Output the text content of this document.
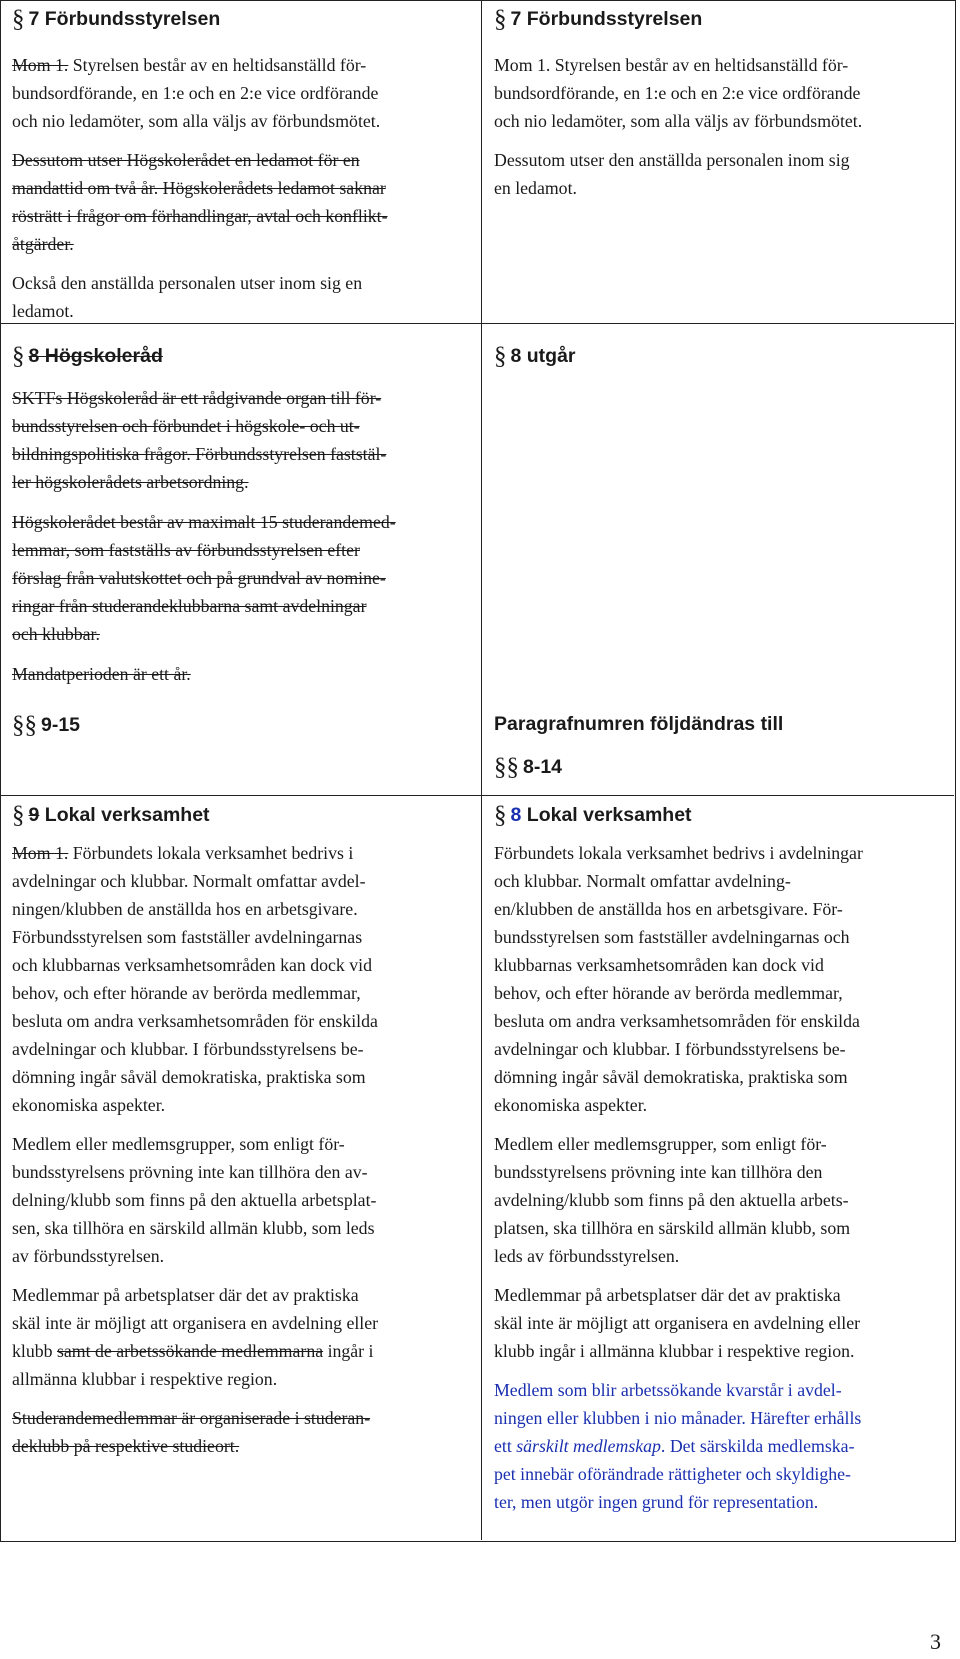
§ 7 Förbundsstyrelsen

Mom 1. Styrelsen består av en heltidsanställd för-
bundsordförande, en 1:e och en 2:e vice ordförande
och nio ledamöter, som alla väljs av förbundsmötet.

Dessutom utser Högskolerådet en ledamot för en
mandattid om två år. Högskolerådets ledamot saknar
rösträtt i frågor om förhandlingar, avtal och konflikt-
åtgärder.

Också den anställda personalen utser inom sig en
ledamot.

§ 8 Högskoleråd

SKTFs Högskoleråd är ett rådgivande organ till för-
bundsstyrelsen och förbundet i högskole- och ut-
bildningspolitiska frågor. Förbundsstyrelsen faststäl-
ler högskolerådets arbetsordning.

Högskolerådet består av maximalt 15 studerandemed-
lemmar, som fastställs av förbundsstyrelsen efter
förslag från valutskottet och på grundval av nomine-
ringar från studerandeklubbarna samt avdelningar
och klubbar.

Mandatperioden är ett år.

§§ 9-15
§ 9 Lokal verksamhet

Mom 1. Förbundets lokala verksamhet bedrivs i
avdelningar och klubbar. Normalt omfattar avdel-
ningen/klubben de anställda hos en arbetsgivare.
Förbundsstyrelsen som fastställer avdelningarnas
och klubbarnas verksamhetsområden kan dock vid
behov, och efter hörande av berörda medlemmar,
besluta om andra verksamhetsområden för enskilda
avdelningar och klubbar. I förbundsstyrelsens be-
dömning ingår såväl demokratiska, praktiska som
ekonomiska aspekter.

Medlem eller medlemsgrupper, som enligt för-
bundsstyrelsens prövning inte kan tillhöra den av-
delning/klubb som finns på den aktuella arbetsplat-
sen, ska tillhöra en särskild allmän klubb, som leds
av förbundsstyrelsen.

Medlemmar på arbetsplatser där det av praktiska
skäl inte är möjligt att organisera en avdelning eller
klubb samt de arbetssökande medlemmarna ingår i
allmänna klubbar i respektive region.

Studerandemedlemmar är organiserade i studeran-
deklubb på respektive studieort.

§ 7 Förbundsstyrelsen

Mom 1. Styrelsen består av en heltidsanställd för-
bundsordförande, en 1:e och en 2:e vice ordförande
och nio ledamöter, som alla väljs av förbundsmötet.

Dessutom utser den anställda personalen inom sig
en ledamot.

§ 8 utgår
Paragrafnumren följdändras till
§§ 8-14
§ 8 Lokal verksamhet

Förbundets lokala verksamhet bedrivs i avdelningar
och klubbar. Normalt omfattar avdelning-
en/klubben de anställda hos en arbetsgivare. För-
bundsstyrelsen som fastställer avdelningarnas och
klubbarnas verksamhetsområden kan dock vid
behov, och efter hörande av berörda medlemmar,
besluta om andra verksamhetsområden för enskilda
avdelningar och klubbar. I förbundsstyrelsens be-
dömning ingår såväl demokratiska, praktiska som
ekonomiska aspekter.

Medlem eller medlemsgrupper, som enligt för-
bundsstyrelsens prövning inte kan tillhöra den
avdelning/klubb som finns på den aktuella arbets-
platsen, ska tillhöra en särskild allmän klubb, som
leds av förbundsstyrelsen.

Medlemmar på arbetsplatser där det av praktiska
skäl inte är möjligt att organisera en avdelning eller
klubb ingår i allmänna klubbar i respektive region.

Medlem som blir arbetssökande kvarstår i avdel-
ningen eller klubben i nio månader. Härefter erhålls
ett särskilt medlemskap. Det särskilda medlemska-
pet innebär oförändrade rättigheter och skyldighe-
ter, men utgör ingen grund för representation.

3
